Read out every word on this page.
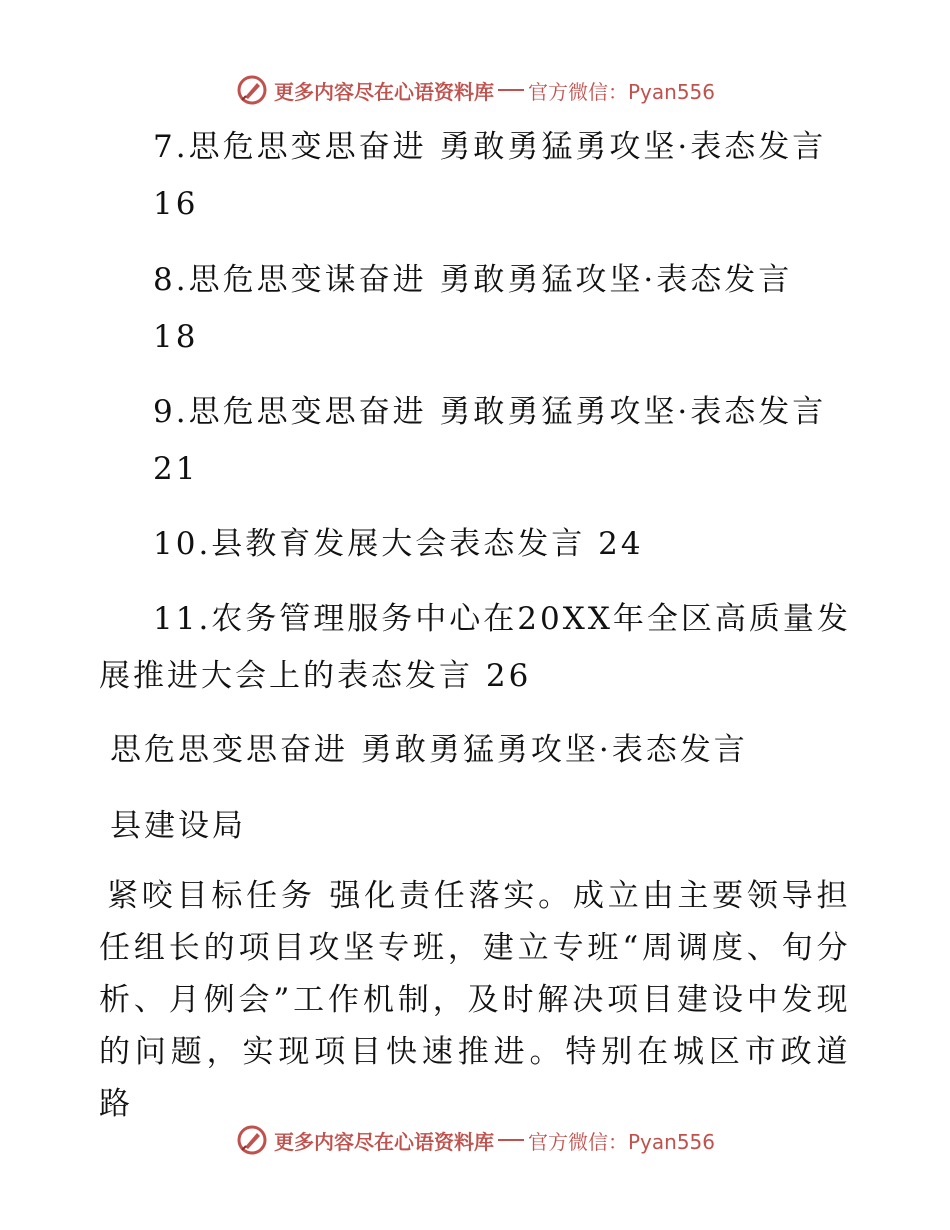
更多内容尽在心语资料库 官方微信：Pyan556
7.思危思变思奋进 勇敢勇猛勇攻坚·表态发言
16
8.思危思变谋奋进 勇敢勇猛攻坚·表态发言
18
9.思危思变思奋进 勇敢勇猛勇攻坚·表态发言
21
10.县教育发展大会表态发言 24
11.农务管理服务中心在20XX年全区高质量发
展推进大会上的表态发言 26
思危思变思奋进 勇敢勇猛勇攻坚·表态发言
县建设局
紧咬目标任务 强化责任落实。成立由主要领导担任组长的项目攻坚专班，建立专班“周调度、旬分析、月例会”工作机制，及时解决项目建设中发现的问题，实现项目快速推进。特别在城区市政道路
更多内容尽在心语资料库 官方微信：Pyan556
